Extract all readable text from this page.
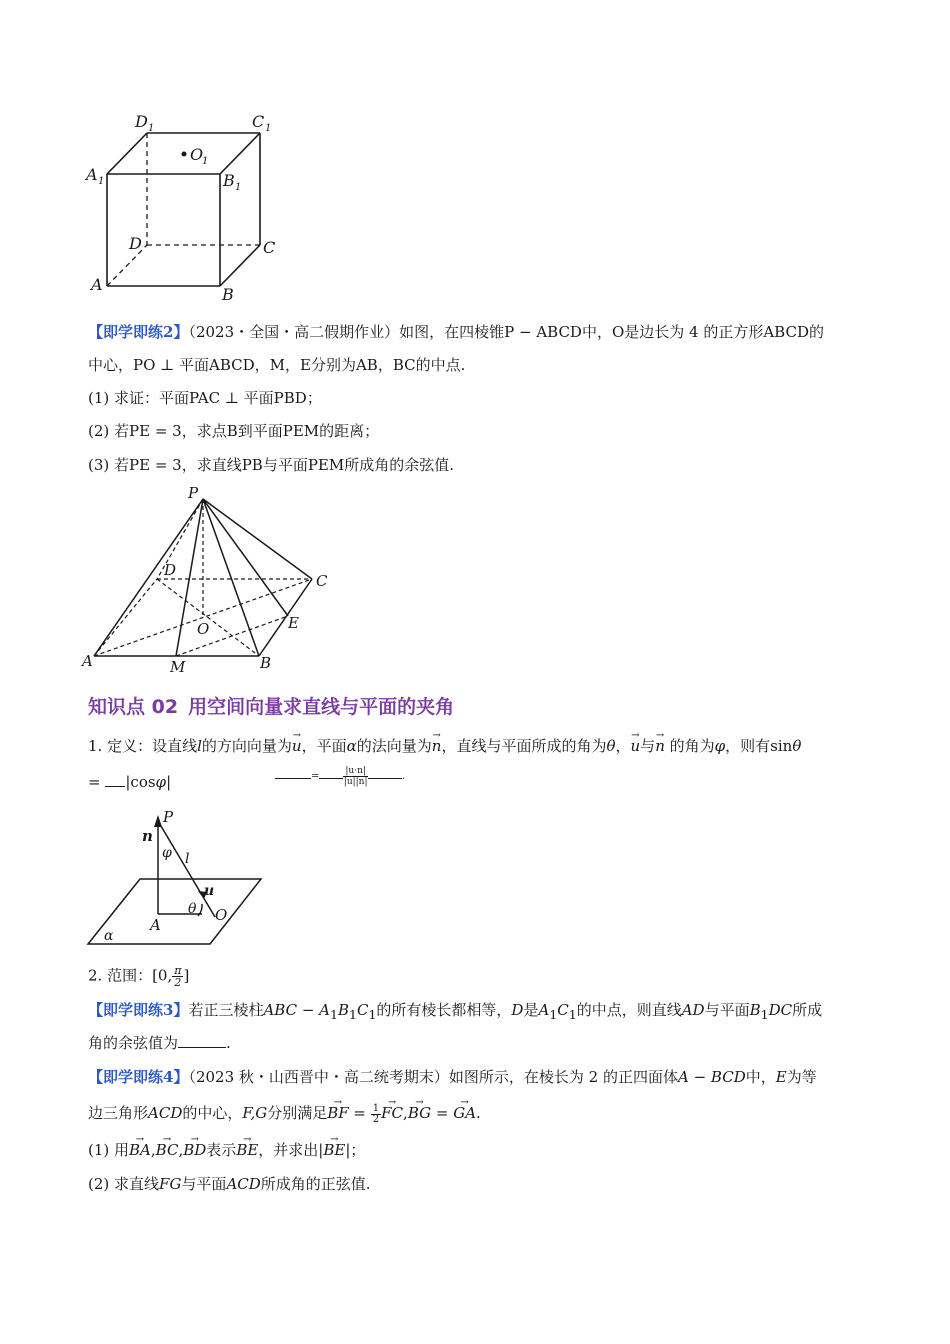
D 1	C 1
A 1	B 1
O
1
D	C
A
B
【即学即练2】（2023・全国・高二假期作业）如图，在四棱锥P − ABCD中，O是边长为 4 的正方形ABCD的
中心，PO ⊥ 平面ABCD，M，E分别为AB，BC的中点.
(1) 求证：平面PAC ⊥ 平面PBD；
(2) 若PE = 3，求点B到平面PEM的距离；
(3) 若PE = 3，求直线PB与平面PEM所成角的余弦值.
P
D
C
O	E
A	M	B
知识点 02 用空间向量求直线与平面的夹角
1. 定义：设直线l的方向向量为→ u，平面α的法向量为→ n，直线与平面所成的角为θ，→ u与→ n 的角为φ，则有sinθ
= |cosφ|	=	$\frac{|u\cdot n|}{|u||n|}$	.
P
n
φ l
u
θ
A
O
α
2. 范围：[0, $\frac{\pi}{2}$ ]
【即学即练3】若正三棱柱ABC − $A_1B_1C_1$的所有棱长都相等，D是$A_1C_1$的中点，则直线AD与平面$B_1DC$所成
角的余弦值为	.
【即学即练4】（2023 秋・山西晋中・高二统考期末）如图所示，在棱长为 2 的正四面体A − BCD中，E为等
边三角形ACD的中心，F,G分别满足→ BF = $\frac{1}{2}$
→ FC,→ BG = → GA.
(1) 用→ BA,→ BC,→ BD表示→ BE，并求出|→ BE|；
(2) 求直线FG与平面ACD所成角的正弦值.
